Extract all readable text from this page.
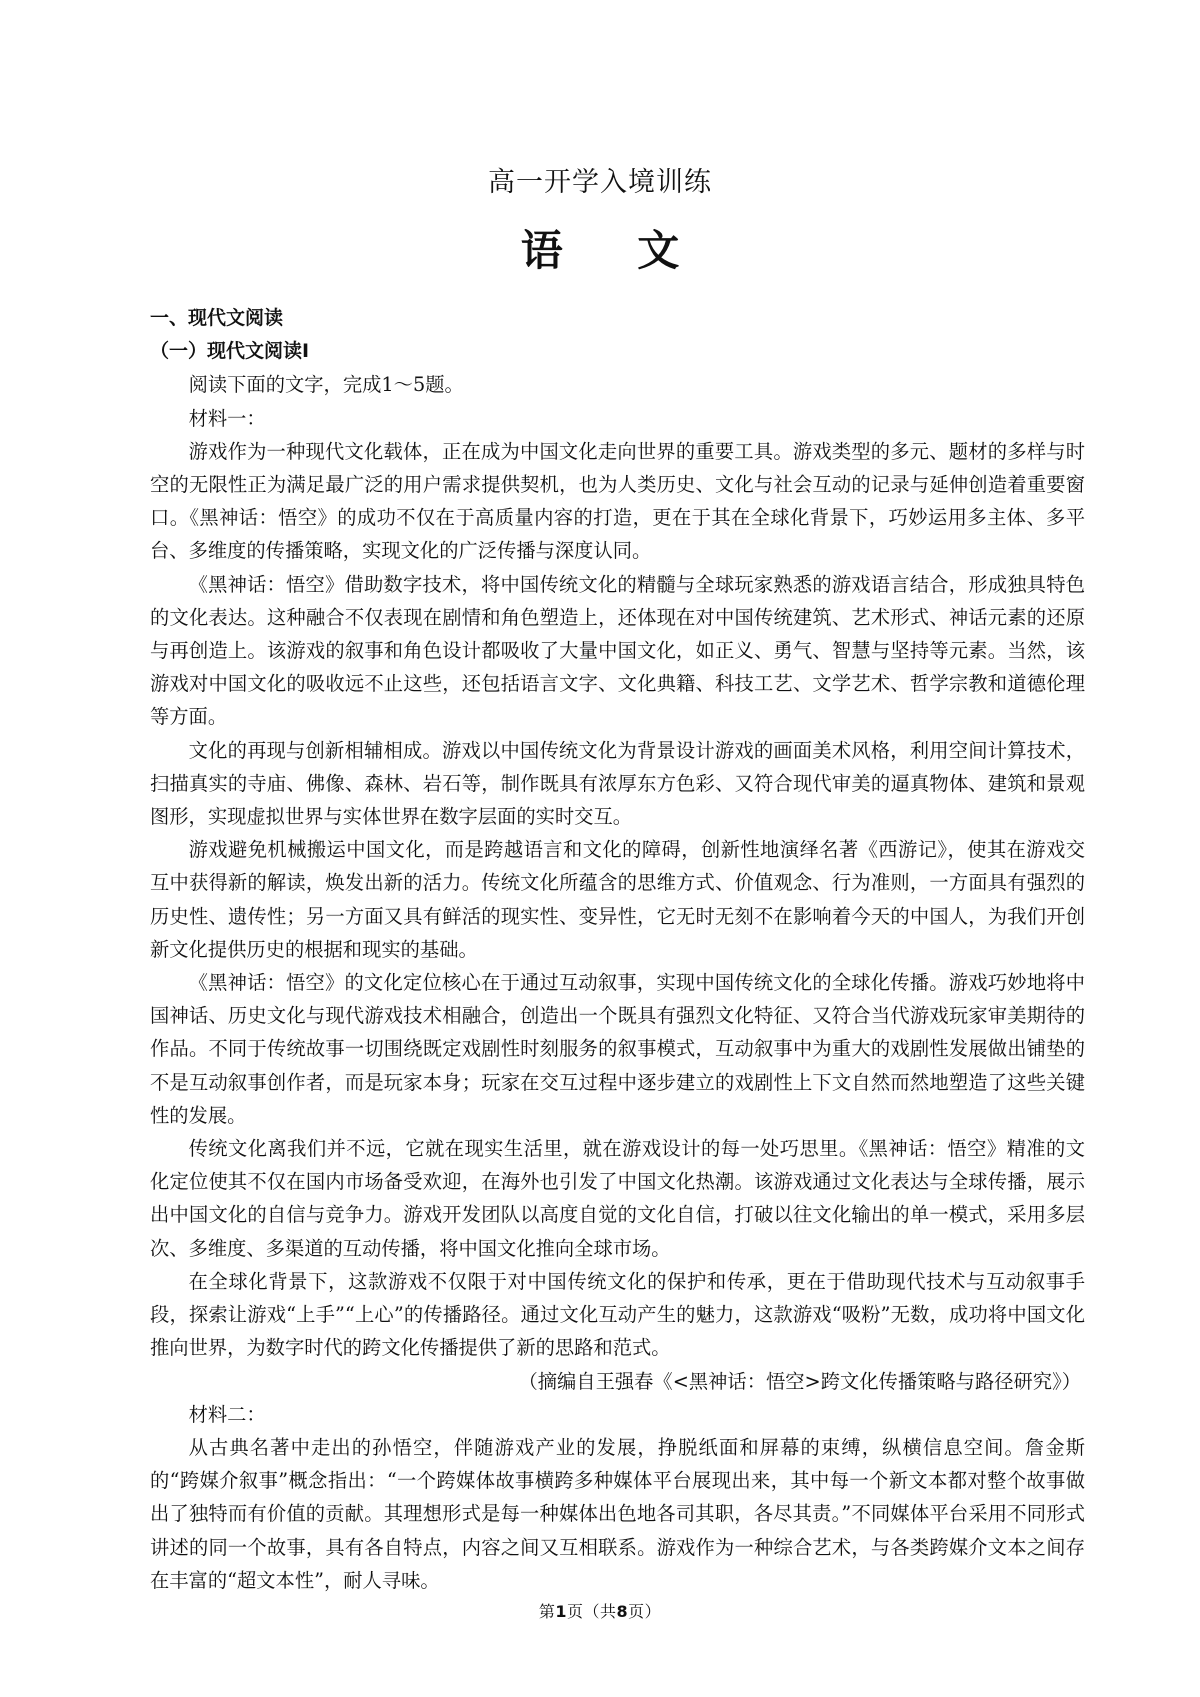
高一开学入境训练
语 文

一、现代文阅读

（一）现代文阅读Ⅰ

阅读下面的文字，完成1～5题。

材料一：

游戏作为一种现代文化载体，正在成为中国文化走向世界的重要工具。游戏类型的多元、题材的多样与时空的无限性正为满足最广泛的用户需求提供契机，也为人类历史、文化与社会互动的记录与延伸创造着重要窗口。《黑神话：悟空》的成功不仅在于高质量内容的打造，更在于其在全球化背景下，巧妙运用多主体、多平台、多维度的传播策略，实现文化的广泛传播与深度认同。

《黑神话：悟空》借助数字技术，将中国传统文化的精髓与全球玩家熟悉的游戏语言结合，形成独具特色的文化表达。这种融合不仅表现在剧情和角色塑造上，还体现在对中国传统建筑、艺术形式、神话元素的还原与再创造上。该游戏的叙事和角色设计都吸收了大量中国文化，如正义、勇气、智慧与坚持等元素。当然，该游戏对中国文化的吸收远不止这些，还包括语言文字、文化典籍、科技工艺、文学艺术、哲学宗教和道德伦理等方面。

文化的再现与创新相辅相成。游戏以中国传统文化为背景设计游戏的画面美术风格，利用空间计算技术，扫描真实的寺庙、佛像、森林、岩石等，制作既具有浓厚东方色彩、又符合现代审美的逼真物体、建筑和景观图形，实现虚拟世界与实体世界在数字层面的实时交互。

游戏避免机械搬运中国文化，而是跨越语言和文化的障碍，创新性地演绎名著《西游记》，使其在游戏交互中获得新的解读，焕发出新的活力。传统文化所蕴含的思维方式、价值观念、行为准则，一方面具有强烈的历史性、遗传性；另一方面又具有鲜活的现实性、变异性，它无时无刻不在影响着今天的中国人，为我们开创新文化提供历史的根据和现实的基础。

《黑神话：悟空》的文化定位核心在于通过互动叙事，实现中国传统文化的全球化传播。游戏巧妙地将中国神话、历史文化与现代游戏技术相融合，创造出一个既具有强烈文化特征、又符合当代游戏玩家审美期待的作品。不同于传统故事一切围绕既定戏剧性时刻服务的叙事模式，互动叙事中为重大的戏剧性发展做出铺垫的不是互动叙事创作者，而是玩家本身；玩家在交互过程中逐步建立的戏剧性上下文自然而然地塑造了这些关键性的发展。

传统文化离我们并不远，它就在现实生活里，就在游戏设计的每一处巧思里。《黑神话：悟空》精准的文化定位使其不仅在国内市场备受欢迎，在海外也引发了中国文化热潮。该游戏通过文化表达与全球传播，展示出中国文化的自信与竞争力。游戏开发团队以高度自觉的文化自信，打破以往文化输出的单一模式，采用多层次、多维度、多渠道的互动传播，将中国文化推向全球市场。

在全球化背景下，这款游戏不仅限于对中国传统文化的保护和传承，更在于借助现代技术与互动叙事手段，探索让游戏“上手”“上心”的传播路径。通过文化互动产生的魅力，这款游戏“吸粉”无数，成功将中国文化推向世界，为数字时代的跨文化传播提供了新的思路和范式。

（摘编自王强春《<黑神话：悟空>跨文化传播策略与路径研究》）

材料二：

从古典名著中走出的孙悟空，伴随游戏产业的发展，挣脱纸面和屏幕的束缚，纵横信息空间。詹金斯的“跨媒介叙事”概念指出：“一个跨媒体故事横跨多种媒体平台展现出来，其中每一个新文本都对整个故事做出了独特而有价值的贡献。其理想形式是每一种媒体出色地各司其职，各尽其责。”不同媒体平台采用不同形式讲述的同一个故事，具有各自特点，内容之间又互相联系。游戏作为一种综合艺术，与各类跨媒介文本之间存在丰富的“超文本性”，耐人寻味。

第1页（共8页）
